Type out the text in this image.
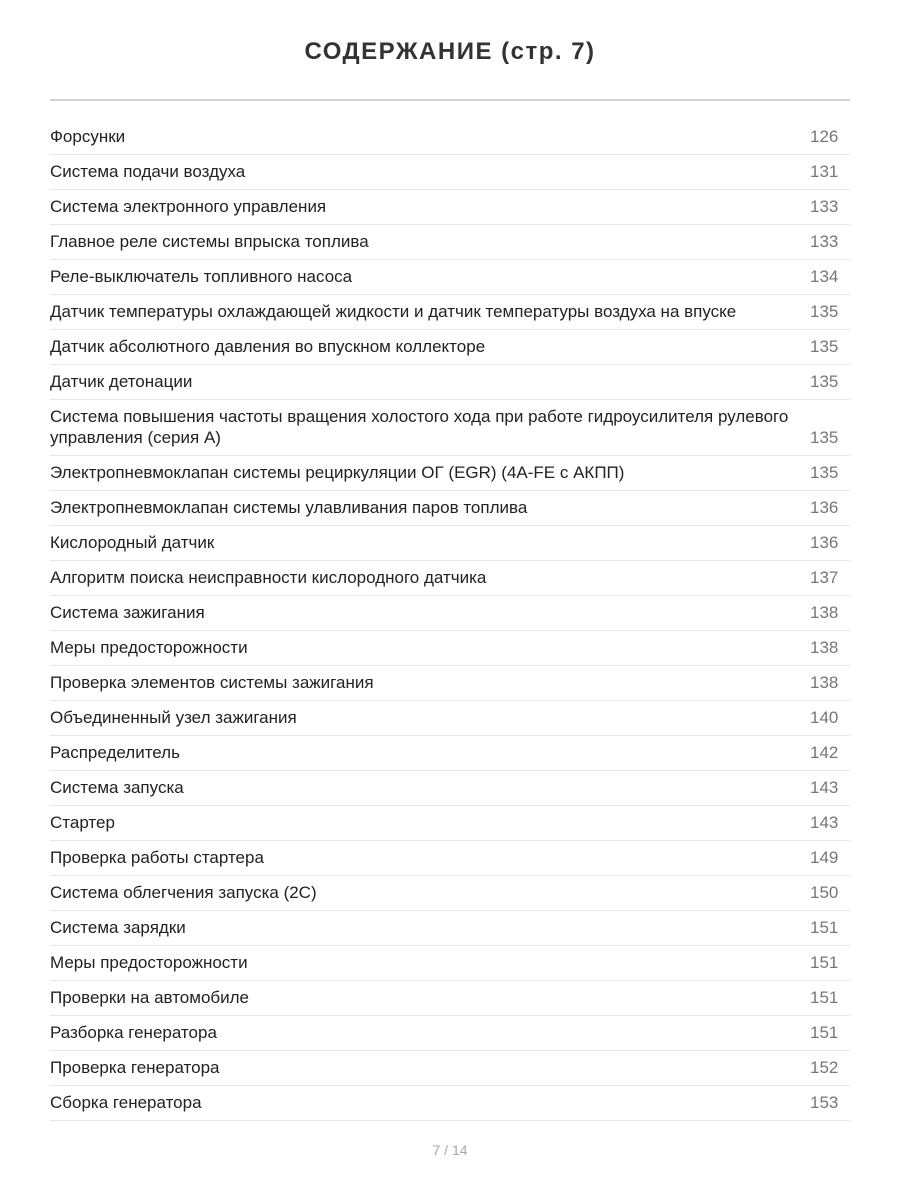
СОДЕРЖАНИЕ (стр. 7)
Форсунки	126
Система подачи воздуха	131
Система электронного управления	133
Главное реле системы впрыска топлива	133
Реле-выключатель топливного насоса	134
Датчик температуры охлаждающей жидкости и датчик температуры воздуха на впуске	135
Датчик абсолютного давления во впускном коллекторе	135
Датчик детонации	135
Система повышения частоты вращения холостого хода при работе гидроусилителя рулевого управления (серия А)	135
Электропневмоклапан системы рециркуляции ОГ (EGR) (4A-FE с АКПП)	135
Электропневмоклапан системы улавливания паров топлива	136
Кислородный датчик	136
Алгоритм поиска неисправности кислородного датчика	137
Система зажигания	138
Меры предосторожности	138
Проверка элементов системы зажигания	138
Объединенный узел зажигания	140
Распределитель	142
Система запуска	143
Стартер	143
Проверка работы стартера	149
Система облегчения запуска (2С)	150
Система зарядки	151
Меры предосторожности	151
Проверки на автомобиле	151
Разборка генератора	151
Проверка генератора	152
Сборка генератора	153
7 / 14
